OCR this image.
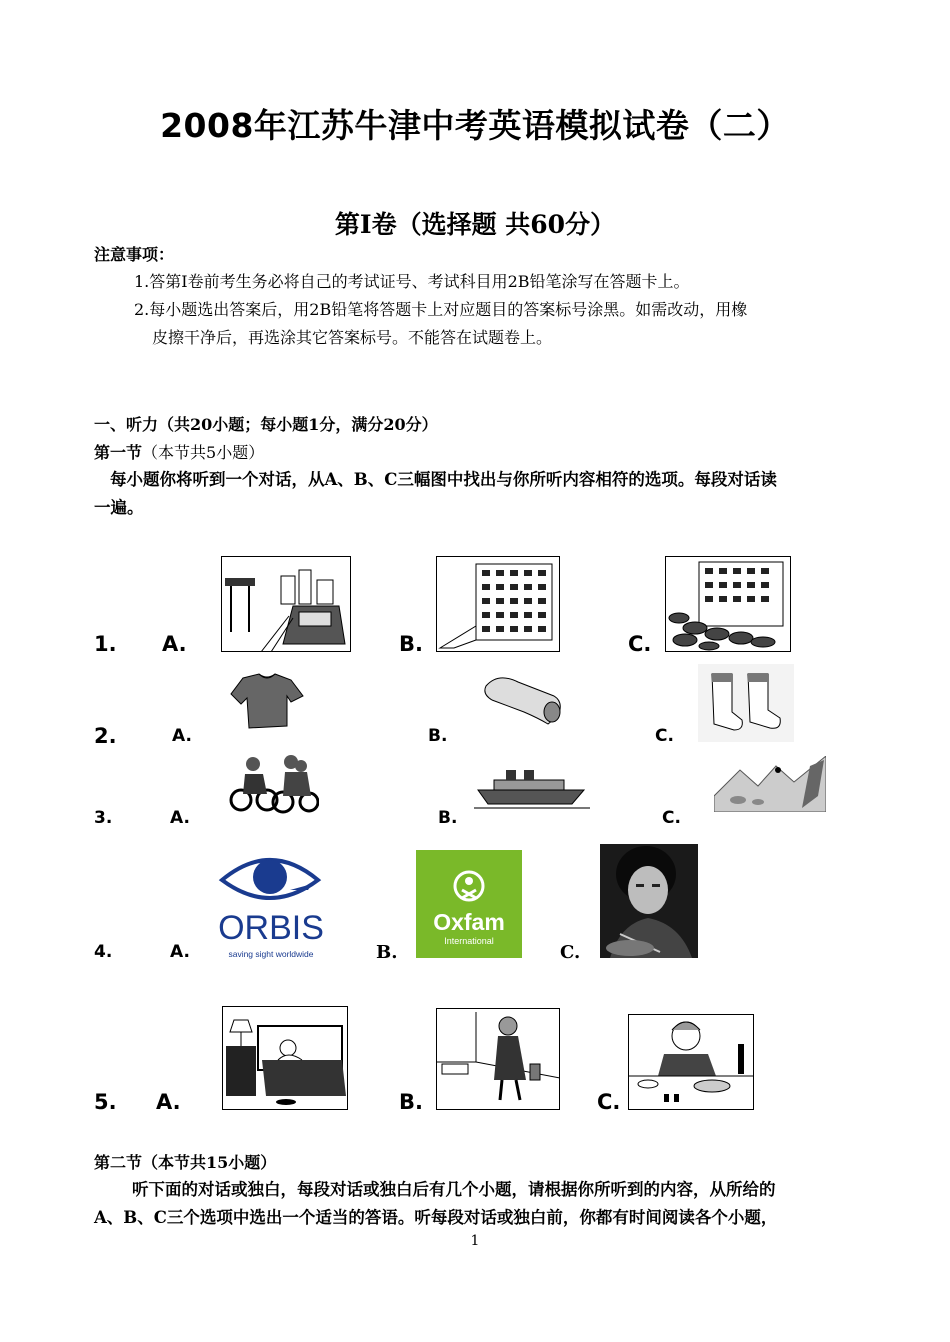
2008年江苏牛津中考英语模拟试卷（二）
第Ⅰ卷（选择题 共60分）
注意事项：
1.答第Ⅰ卷前考生务必将自己的考试证号、考试科目用2B铅笔涂写在答题卡上。
2.每小题选出答案后，用2B铅笔将答题卡上对应题目的答案标号涂黑。如需改动，用橡
皮擦干净后，再选涂其它答案标号。不能答在试题卷上。
一、听力（共20小题；每小题1分，满分20分）
第一节（本节共5小题）
每小题你将听到一个对话，从A、B、C三幅图中找出与你所听内容相符的选项。每段对话读
一遍。
1. A.	B.	C.
2.	A.	B.	C.
3.	A.	B.	C.
4.	A.
ORBIS
saving sight worldwide	B.
Oxfam
International
C.
5. A.	B.	C.
第二节（本节共15小题）
听下面的对话或独白，每段对话或独白后有几个小题，请根据你所听到的内容，从所给的
A、B、C三个选项中选出一个适当的答语。听每段对话或独白前，你都有时间阅读各个小题，
1
